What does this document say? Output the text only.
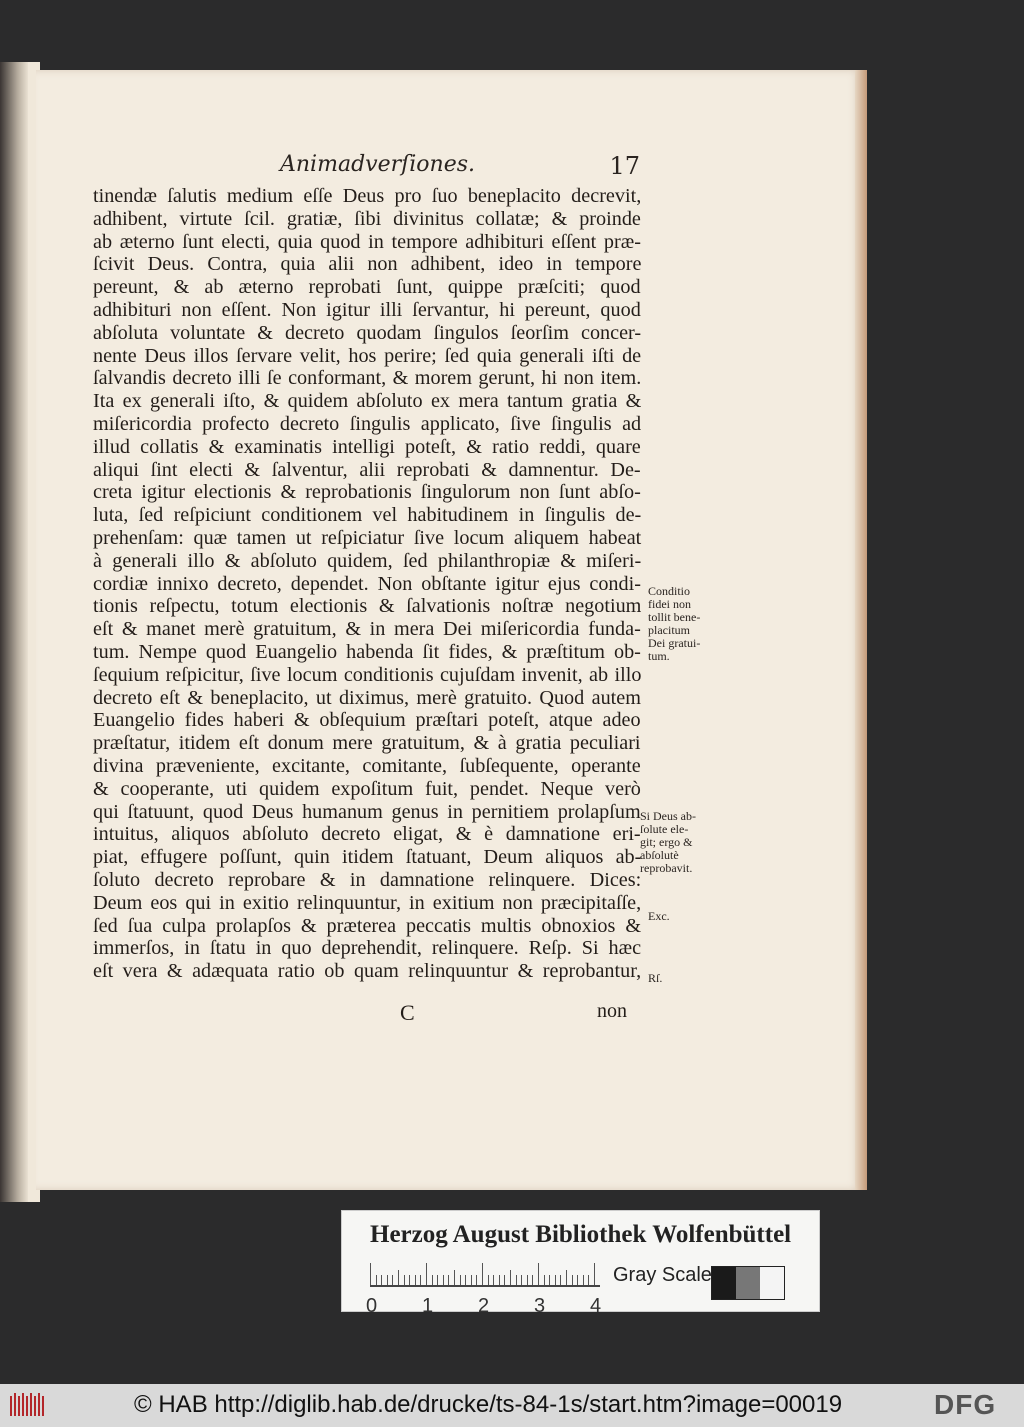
Animadverſiones.	17
tinendæ ſalutis medium eſſe Deus pro ſuo beneplacito decrevit,
adhibent, virtute ſcil. gratiæ, ſibi divinitus collatæ; & proinde
ab æterno ſunt electi, quia quod in tempore adhibituri eſſent præ-
ſcivit Deus. Contra, quia alii non adhibent, ideo in tempore
pereunt, & ab æterno reprobati ſunt, quippe præſciti; quod
adhibituri non eſſent. Non igitur illi ſervantur, hi pereunt, quod
abſoluta voluntate & decreto quodam ſingulos ſeorſim concer-
nente Deus illos ſervare velit, hos perire; ſed quia generali iſti de
ſalvandis decreto illi ſe conformant, & morem gerunt, hi non item.
Ita ex generali iſto, & quidem abſoluto ex mera tantum gratia &
miſericordia profecto decreto ſingulis applicato, ſive ſingulis ad
illud collatis & examinatis intelligi poteſt, & ratio reddi, quare
aliqui ſint electi & ſalventur, alii reprobati & damnentur. De-
creta igitur electionis & reprobationis ſingulorum non ſunt abſo-
luta, ſed reſpiciunt conditionem vel habitudinem in ſingulis de-
prehenſam: quæ tamen ut reſpiciatur ſive locum aliquem habeat
à generali illo & abſoluto quidem, ſed philanthropiæ & miſeri-
cordiæ innixo decreto, dependet. Non obſtante igitur ejus condi-
tionis reſpectu, totum electionis & ſalvationis noſtræ negotium
eſt & manet merè gratuitum, & in mera Dei miſericordia funda-
tum. Nempe quod Euangelio habenda ſit fides, & præſtitum ob-
ſequium reſpicitur, ſive locum conditionis cujuſdam invenit, ab illo
decreto eſt & beneplacito, ut diximus, merè gratuito. Quod autem
Euangelio fides haberi & obſequium præſtari poteſt, atque adeo
præſtatur, itidem eſt donum mere gratuitum, & à gratia peculiari
divina præveniente, excitante, comitante, ſubſequente, operante
& cooperante, uti quidem expoſitum fuit, pendet. Neque verò
qui ſtatuunt, quod Deus humanum genus in pernitiem prolapſum
intuitus, aliquos abſoluto decreto eligat, & è damnatione eri-
piat, effugere poſſunt, quin itidem ſtatuant, Deum aliquos ab-
ſoluto decreto reprobare & in damnatione relinquere. Dices:
Deum eos qui in exitio relinquuntur, in exitium non præcipitaſſe,
ſed ſua culpa prolapſos & præterea peccatis multis obnoxios &
immerſos, in ſtatu in quo deprehendit, relinquere. Reſp. Si hæc
eſt vera & adæquata ratio ob quam relinquuntur & reprobantur,
C	non
Conditio
fidei non
tollit bene-
placitum
Dei gratui-
tum.
Si Deus ab-
ſolute ele-
git; ergo &
abſolutè
reprobavit.
Exc.
Rſ.
Herzog August Bibliothek Wolfenbüttel
0 1 2 3 4
Gray Scale
© HAB http://diglib.hab.de/drucke/ts-84-1s/start.htm?image=00019	DFG
